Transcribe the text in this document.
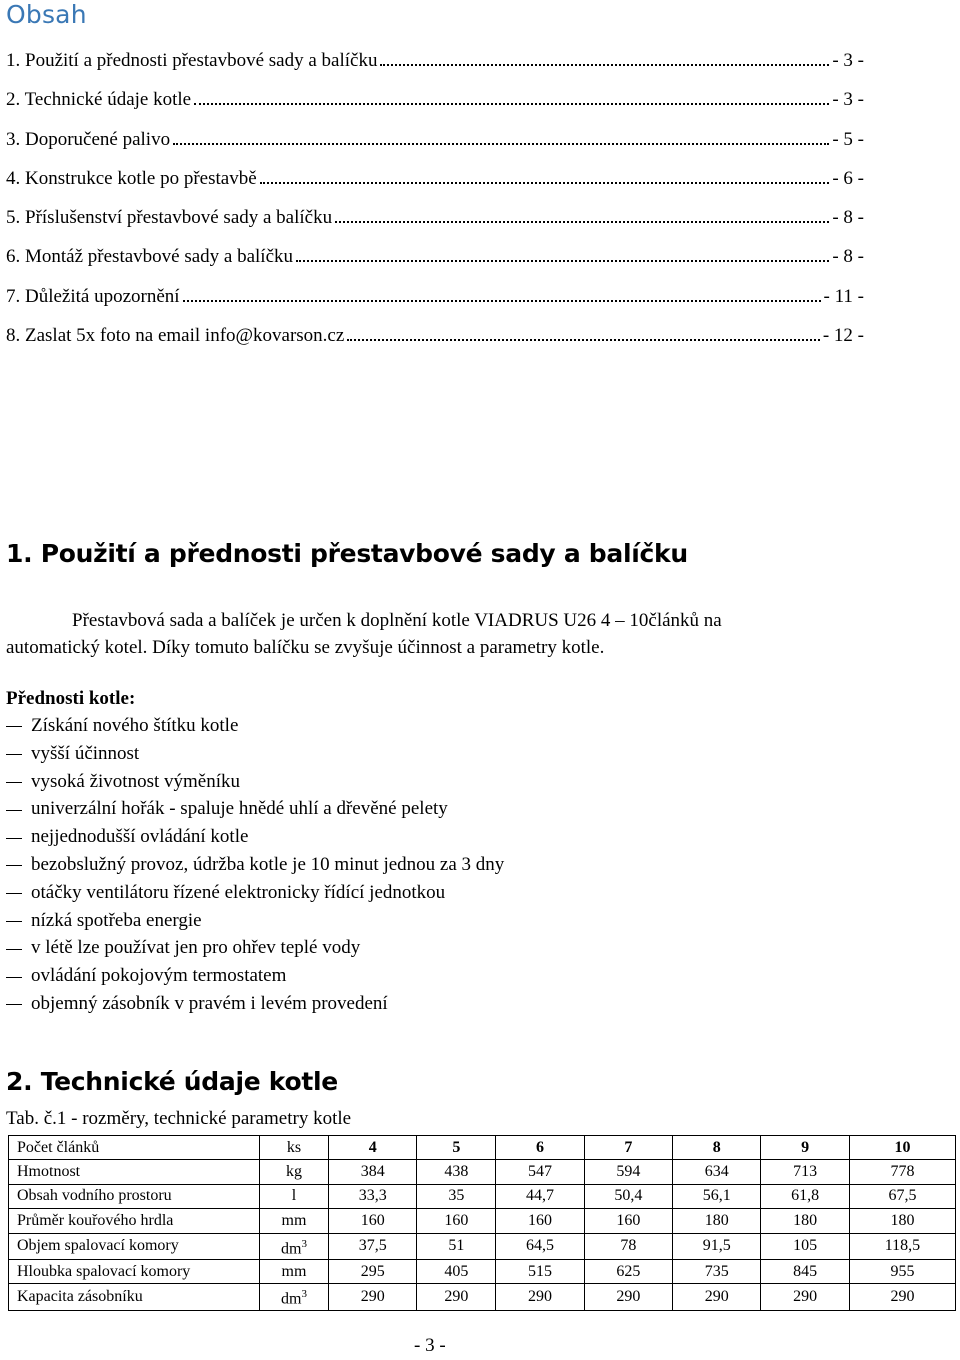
Obsah
1. Použití a přednosti přestavbové sady a balíčku	- 3 -
2. Technické údaje kotle	- 3 -
3. Doporučené palivo	- 5 -
4. Konstrukce kotle po přestavbě	- 6 -
5. Příslušenství přestavbové sady a balíčku	- 8 -
6. Montáž přestavbové sady a balíčku	- 8 -
7. Důležitá upozornění	- 11 -
8. Zaslat 5x foto na email info@kovarson.cz	- 12 -
1. Použití a přednosti přestavbové sady a balíčku

Přestavbová sada a balíček je určen k doplnění kotle VIADRUS U26 4 – 10článků na
automatický kotel. Díky tomuto balíčku se zvyšuje účinnost a parametry kotle.

Přednosti kotle:

Získání nového štítku kotle
vyšší účinnost
vysoká životnost výměníku
univerzální hořák - spaluje hnědé uhlí a dřevěné pelety
nejjednodušší ovládání kotle
bezobslužný provoz, údržba kotle je 10 minut jednou za 3 dny
otáčky ventilátoru řízené elektronicky řídící jednotkou
nízká spotřeba energie
v létě lze používat jen pro ohřev teplé vody
ovládání pokojovým termostatem
objemný zásobník v pravém i levém provedení
2. Technické údaje kotle

Tab. č.1 - rozměry, technické parametry kotle

Počet článků	ks	4	5	6	7	8	9	10
Hmotnost	kg	384	438	547	594	634	713	778
Obsah vodního prostoru	l	33,3	35	44,7	50,4	56,1	61,8	67,5
Průměr kouřového hrdla	mm	160	160	160	160	180	180	180
Objem spalovací komory	$dm^3$	37,5	51	64,5	78	91,5	105	118,5
Hloubka spalovací komory	mm	295	405	515	625	735	845	955
Kapacita zásobníku	$dm^3$	290	290	290	290	290	290	290
- 3 -
